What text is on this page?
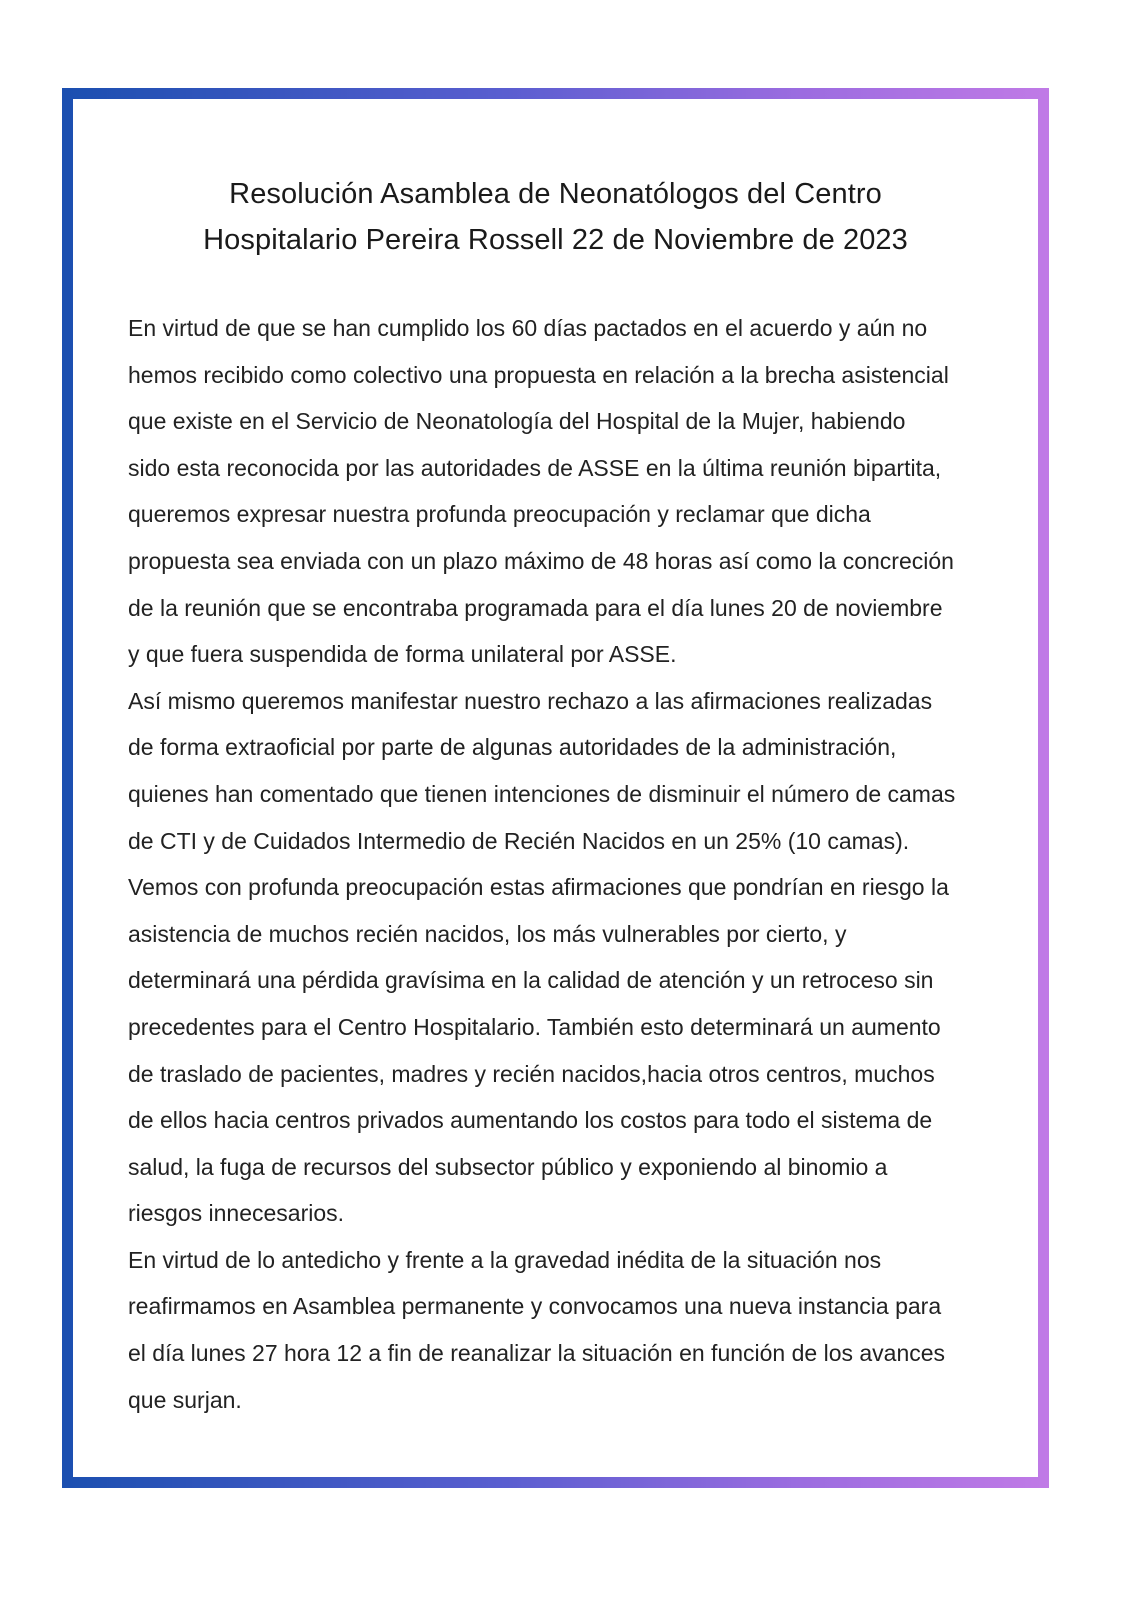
Resolución Asamblea de Neonatólogos del Centro
Hospitalario Pereira Rossell 22 de Noviembre de 2023
En virtud de que se han cumplido los 60 días pactados en el acuerdo y aún no
hemos recibido como colectivo una propuesta en relación a la brecha asistencial
que existe en el Servicio de Neonatología del Hospital de la Mujer, habiendo
sido esta reconocida por las autoridades de ASSE en la última reunión bipartita,
queremos expresar nuestra profunda preocupación y reclamar que dicha
propuesta sea enviada con un plazo máximo de 48 horas así como la concreción
de la reunión que se encontraba programada para el día lunes 20 de noviembre
y que fuera suspendida de forma unilateral por ASSE.
Así mismo queremos manifestar nuestro rechazo a las afirmaciones realizadas
de forma extraoficial por parte de algunas autoridades de la administración,
quienes han comentado que tienen intenciones de disminuir el número de camas
de CTI y de Cuidados Intermedio de Recién Nacidos en un 25% (10 camas).
Vemos con profunda preocupación estas afirmaciones que pondrían en riesgo la
asistencia de muchos recién nacidos, los más vulnerables por cierto, y
determinará una pérdida gravísima en la calidad de atención y un retroceso sin
precedentes para el Centro Hospitalario. También esto determinará un aumento
de traslado de pacientes, madres y recién nacidos,hacia otros centros, muchos
de ellos hacia centros privados aumentando los costos para todo el sistema de
salud, la fuga de recursos del subsector público y exponiendo al binomio a
riesgos innecesarios.
En virtud de lo antedicho y frente a la gravedad inédita de la situación nos
reafirmamos en Asamblea permanente y convocamos una nueva instancia para
el día lunes 27 hora 12 a fin de reanalizar la situación en función de los avances
que surjan.
